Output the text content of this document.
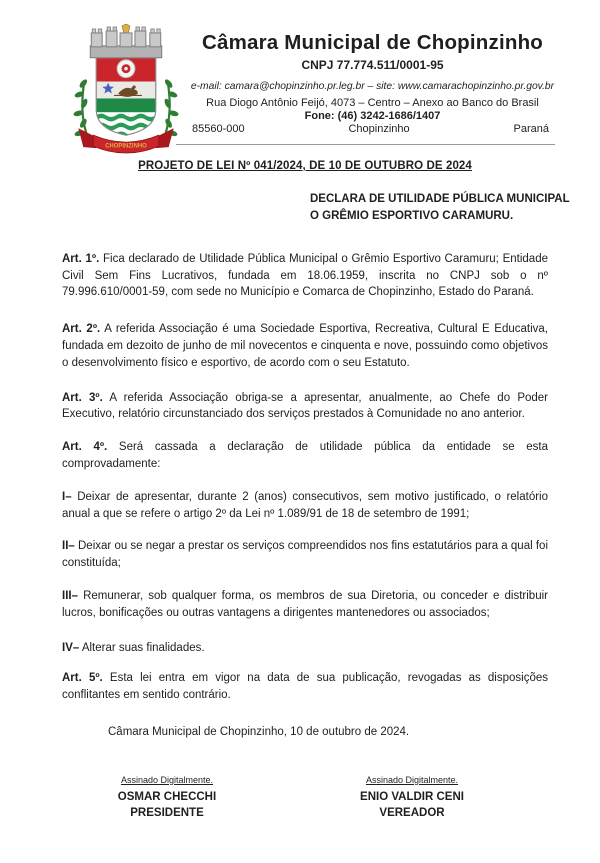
CHOPINZINHO
Câmara Municipal de Chopinzinho
CNPJ 77.774.511/0001-95
e-mail: camara@chopinzinho.pr.leg.br – site: www.camarachopinzinho.pr.gov.br
Rua Diogo Antônio Feijó, 4073 – Centro – Anexo ao Banco do Brasil
Fone: (46) 3242-1686/1407
85560-000	Chopinzinho	Paraná
PROJETO DE LEI Nº 041/2024, DE 10 DE OUTUBRO DE 2024
DECLARA DE UTILIDADE PÚBLICA MUNICIPAL
O GRÊMIO ESPORTIVO CARAMURU.

Art. 1º. Fica declarado de Utilidade Pública Municipal o Grêmio Esportivo Caramuru; Entidade Civil Sem Fins Lucrativos, fundada em 18.06.1959, inscrita no CNPJ sob o nº 79.996.610/0001-59, com sede no Município e Comarca de Chopinzinho, Estado do Paraná.

Art. 2º. A referida Associação é uma Sociedade Esportiva, Recreativa, Cultural E Educativa, fundada em dezoito de junho de mil novecentos e cinquenta e nove, possuindo como objetivos o desenvolvimento físico e esportivo, de acordo com o seu Estatuto.

Art. 3º. A referida Associação obriga-se a apresentar, anualmente, ao Chefe do Poder Executivo, relatório circunstanciado dos serviços prestados à Comunidade no ano anterior.

Art. 4º. Será cassada a declaração de utilidade pública da entidade se esta comprovadamente:

I– Deixar de apresentar, durante 2 (anos) consecutivos, sem motivo justificado, o relatório anual a que se refere o artigo 2º da Lei nº 1.089/91 de 18 de setembro de 1991;

II– Deixar ou se negar a prestar os serviços compreendidos nos fins estatutários para a qual foi constituída;

III– Remunerar, sob qualquer forma, os membros de sua Diretoria, ou conceder e distribuir lucros, bonificações ou outras vantagens a dirigentes mantenedores ou associados;

IV– Alterar suas finalidades.

Art. 5º. Esta lei entra em vigor na data de sua publicação, revogadas as disposições conflitantes em sentido contrário.

Câmara Municipal de Chopinzinho, 10 de outubro de 2024.
Assinado Digitalmente.
OSMAR CHECCHI
PRESIDENTE
Assinado Digitalmente.
ENIO VALDIR CENI
VEREADOR
